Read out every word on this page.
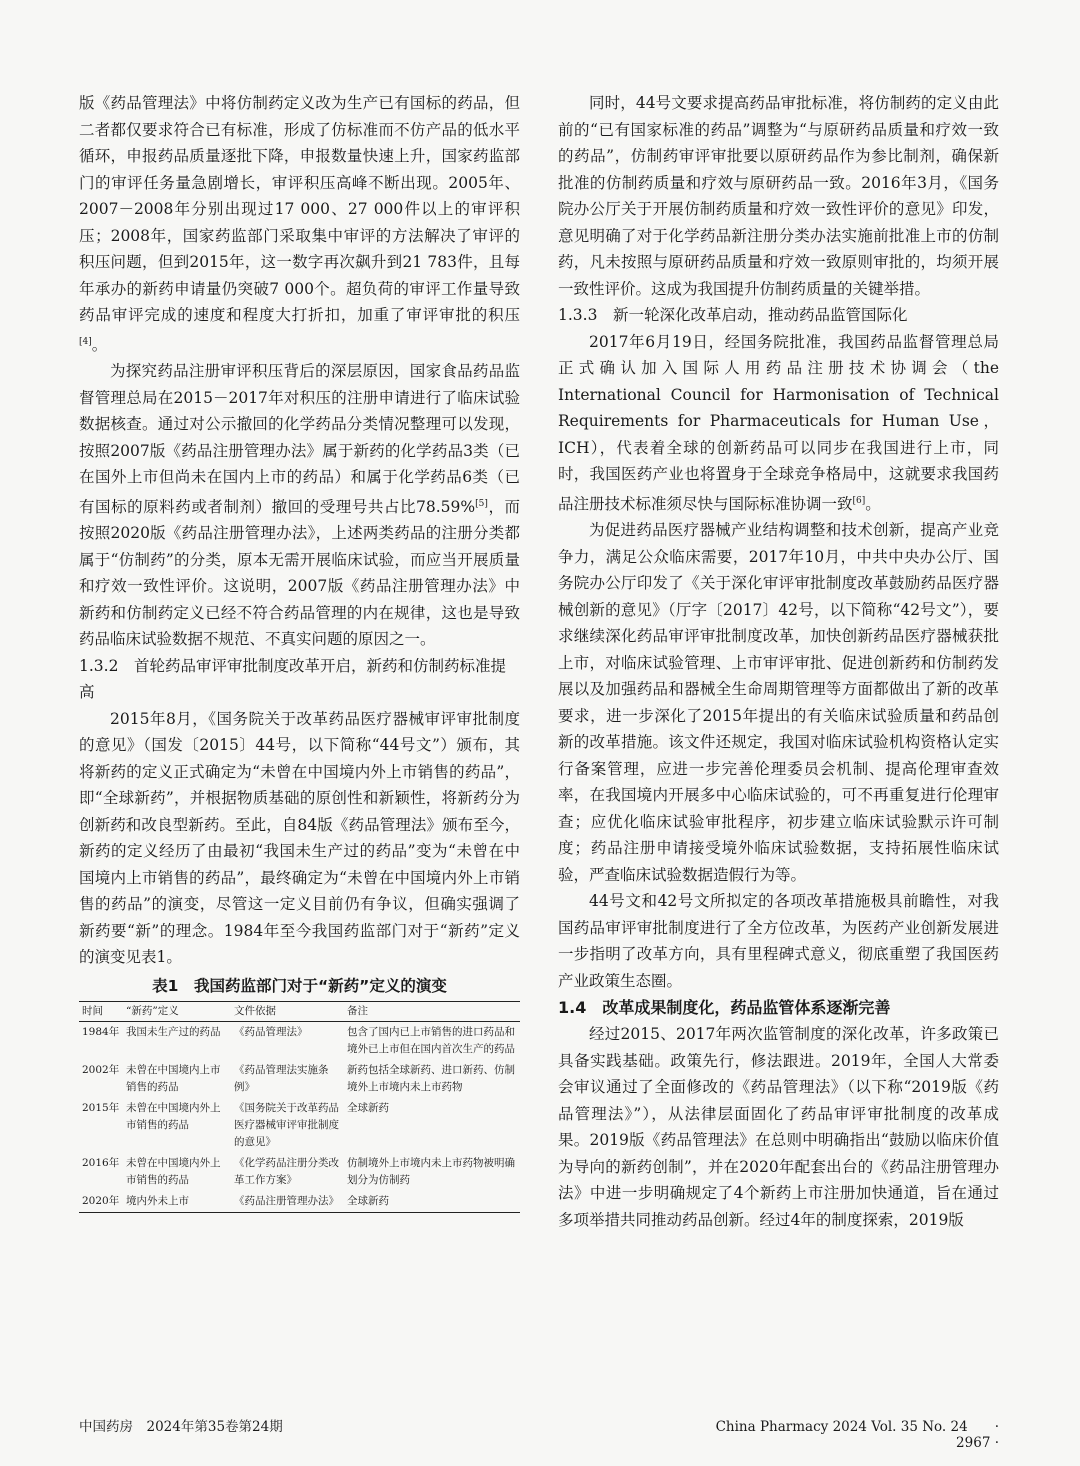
版《药品管理法》中将仿制药定义改为生产已有国标的药品，但二者都仅要求符合已有标准，形成了仿标准而不仿产品的低水平循环，申报药品质量逐批下降，申报数量快速上升，国家药监部门的审评任务量急剧增长，审评积压高峰不断出现。2005年、2007－2008年分别出现过17 000、27 000件以上的审评积压；2008年，国家药监部门采取集中审评的方法解决了审评的积压问题，但到2015年，这一数字再次飙升到21 783件，且每年承办的新药申请量仍突破7 000个。超负荷的审评工作量导致药品审评完成的速度和程度大打折扣，加重了审评审批的积压[4]。

为探究药品注册审评积压背后的深层原因，国家食品药品监督管理总局在2015－2017年对积压的注册申请进行了临床试验数据核查。通过对公示撤回的化学药品分类情况整理可以发现，按照2007版《药品注册管理办法》属于新药的化学药品3类（已在国外上市但尚未在国内上市的药品）和属于化学药品6类（已有国标的原料药或者制剂）撤回的受理号共占比78.59%[5]，而按照2020版《药品注册管理办法》，上述两类药品的注册分类都属于“仿制药”的分类，原本无需开展临床试验，而应当开展质量和疗效一致性评价。这说明，2007版《药品注册管理办法》中新药和仿制药定义已经不符合药品管理的内在规律，这也是导致药品临床试验数据不规范、不真实问题的原因之一。

1.3.2　首轮药品审评审批制度改革开启，新药和仿制药标准提高

2015年8月，《国务院关于改革药品医疗器械审评审批制度的意见》（国发〔2015〕44号，以下简称“44号文”）颁布，其将新药的定义正式确定为“未曾在中国境内外上市销售的药品”，即“全球新药”，并根据物质基础的原创性和新颖性，将新药分为创新药和改良型新药。至此，自84版《药品管理法》颁布至今，新药的定义经历了由最初“我国未生产过的药品”变为“未曾在中国境内上市销售的药品”，最终确定为“未曾在中国境内外上市销售的药品”的演变，尽管这一定义目前仍有争议，但确实强调了新药要“新”的理念。1984年至今我国药监部门对于“新药”定义的演变见表1。

表1　我国药监部门对于“新药”定义的演变
时间	“新药”定义	文件依据	备注
1984年	我国未生产过的药品	《药品管理法》	包含了国内已上市销售的进口药品和境外已上市但在国内首次生产的药品
2002年	未曾在中国境内上市销售的药品	《药品管理法实施条例》	新药包括全球新药、进口新药、仿制境外上市境内未上市药物
2015年	未曾在中国境内外上市销售的药品	《国务院关于改革药品医疗器械审评审批制度的意见》	全球新药
2016年	未曾在中国境内外上市销售的药品	《化学药品注册分类改革工作方案》	仿制境外上市境内未上市药物被明确划分为仿制药
2020年	境内外未上市	《药品注册管理办法》	全球新药

同时，44号文要求提高药品审批标准，将仿制药的定义由此前的“已有国家标准的药品”调整为“与原研药品质量和疗效一致的药品”，仿制药审评审批要以原研药品作为参比制剂，确保新批准的仿制药质量和疗效与原研药品一致。2016年3月，《国务院办公厅关于开展仿制药质量和疗效一致性评价的意见》印发，意见明确了对于化学药品新注册分类办法实施前批准上市的仿制药，凡未按照与原研药品质量和疗效一致原则审批的，均须开展一致性评价。这成为我国提升仿制药质量的关键举措。

1.3.3　新一轮深化改革启动，推动药品监管国际化

2017年6月19日，经国务院批准，我国药品监督管理总局正式确认加入国际人用药品注册技术协调会（the International Council for Harmonisation of Technical Requirements for Pharmaceuticals for Human Use，ICH），代表着全球的创新药品可以同步在我国进行上市，同时，我国医药产业也将置身于全球竞争格局中，这就要求我国药品注册技术标准须尽快与国际标准协调一致[6]。

为促进药品医疗器械产业结构调整和技术创新，提高产业竞争力，满足公众临床需要，2017年10月，中共中央办公厅、国务院办公厅印发了《关于深化审评审批制度改革鼓励药品医疗器械创新的意见》（厅字〔2017〕42号，以下简称“42号文”），要求继续深化药品审评审批制度改革，加快创新药品医疗器械获批上市，对临床试验管理、上市审评审批、促进创新药和仿制药发展以及加强药品和器械全生命周期管理等方面都做出了新的改革要求，进一步深化了2015年提出的有关临床试验质量和药品创新的改革措施。该文件还规定，我国对临床试验机构资格认定实行备案管理，应进一步完善伦理委员会机制、提高伦理审查效率，在我国境内开展多中心临床试验的，可不再重复进行伦理审查；应优化临床试验审批程序，初步建立临床试验默示许可制度；药品注册申请接受境外临床试验数据，支持拓展性临床试验，严查临床试验数据造假行为等。

44号文和42号文所拟定的各项改革措施极具前瞻性，对我国药品审评审批制度进行了全方位改革，为医药产业创新发展进一步指明了改革方向，具有里程碑式意义，彻底重塑了我国医药产业政策生态圈。

1.4　改革成果制度化，药品监管体系逐渐完善

经过2015、2017年两次监管制度的深化改革，许多政策已具备实践基础。政策先行，修法跟进。2019年，全国人大常委会审议通过了全面修改的《药品管理法》（以下称“2019版《药品管理法》”），从法律层面固化了药品审评审批制度的改革成果。2019版《药品管理法》在总则中明确指出“鼓励以临床价值为导向的新药创制”，并在2020年配套出台的《药品注册管理办法》中进一步明确规定了4个新药上市注册加快通道，旨在通过多项举措共同推动药品创新。经过4年的制度探索，2019版

中国药房　2024年第35卷第24期	China Pharmacy 2024 Vol. 35 No. 24　　· 2967 ·
